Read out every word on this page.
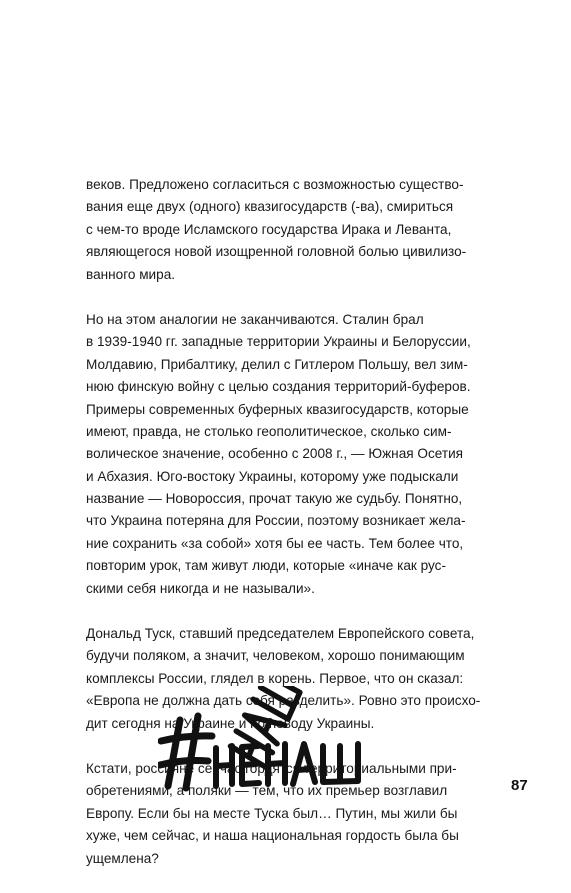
веков. Предложено согласиться с возможностью существо-
вания еще двух (одного) квазигосударств (-ва), смириться
с чем-то вроде Исламского государства Ирака и Леванта,
являющегося новой изощренной головной болью цивилизо-
ванного мира.
Но на этом аналогии не заканчиваются. Сталин брал
в 1939-1940 гг. западные территории Украины и Белоруссии,
Молдавию, Прибалтику, делил с Гитлером Польшу, вел зим-
нюю финскую войну с целью создания территорий-буферов.
Примеры современных буферных квазигосударств, которые
имеют, правда, не столько геополитическое, сколько сим-
волическое значение, особенно с 2008 г., — Южная Осетия
и Абхазия. Юго-востоку Украины, которому уже подыскали
название — Новороссия, прочат такую же судьбу. Понятно,
что Украина потеряна для России, поэтому возникает жела-
ние сохранить «за собой» хотя бы ее часть. Тем более что,
повторим урок, там живут люди, которые «иначе как рус-
скими себя никогда и не называли».
Дональд Туск, ставший председателем Европейского совета,
будучи поляком, а значит, человеком, хорошо понимающим
комплексы России, глядел в корень. Первое, что он сказал:
«Европа не должна дать себя разделить». Ровно это происхо-
дит сегодня на Украине и по поводу Украины.
Кстати, россияне сейчас гордятся территориальными при-
обретениями, а поляки — тем, что их премьер возглавил
Европу. Если бы на месте Туска был… Путин, мы жили бы
хуже, чем сейчас, и наша национальная гордость была бы
ущемлена?
87
